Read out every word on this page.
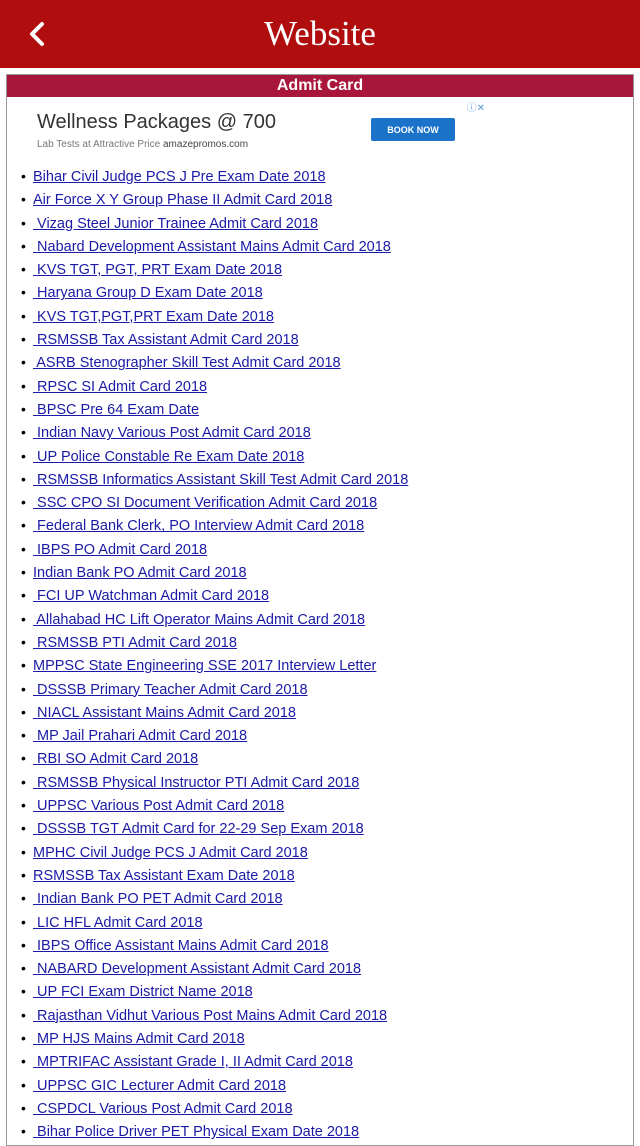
Website
Admit Card
Wellness Packages @ 700
Lab Tests at Attractive Price amazepromos.com
BOOK NOW
ⓘ✕
• Bihar Civil Judge PCS J Pre Exam Date 2018
• Air Force X Y Group Phase II Admit Card 2018
• Vizag Steel Junior Trainee Admit Card 2018
• Nabard Development Assistant Mains Admit Card 2018
• KVS TGT, PGT, PRT Exam Date 2018
• Haryana Group D Exam Date 2018
• KVS TGT,PGT,PRT Exam Date 2018
• RSMSSB Tax Assistant Admit Card 2018
• ASRB Stenographer Skill Test Admit Card 2018
• RPSC SI Admit Card 2018
• BPSC Pre 64 Exam Date
• Indian Navy Various Post Admit Card 2018
• UP Police Constable Re Exam Date 2018
• RSMSSB Informatics Assistant Skill Test Admit Card 2018
• SSC CPO SI Document Verification Admit Card 2018
• Federal Bank Clerk, PO Interview Admit Card 2018
• IBPS PO Admit Card 2018
• Indian Bank PO Admit Card 2018
• FCI UP Watchman Admit Card 2018
• Allahabad HC Lift Operator Mains Admit Card 2018
• RSMSSB PTI Admit Card 2018
• MPPSC State Engineering SSE 2017 Interview Letter
• DSSSB Primary Teacher Admit Card 2018
• NIACL Assistant Mains Admit Card 2018
• MP Jail Prahari Admit Card 2018
• RBI SO Admit Card 2018
• RSMSSB Physical Instructor PTI Admit Card 2018
• UPPSC Various Post Admit Card 2018
• DSSSB TGT Admit Card for 22-29 Sep Exam 2018
• MPHC Civil Judge PCS J Admit Card 2018
• RSMSSB Tax Assistant Exam Date 2018
• Indian Bank PO PET Admit Card 2018
• LIC HFL Admit Card 2018
• IBPS Office Assistant Mains Admit Card 2018
• NABARD Development Assistant Admit Card 2018
• UP FCI Exam District Name 2018
• Rajasthan Vidhut Various Post Mains Admit Card 2018
• MP HJS Mains Admit Card 2018
• MPTRIFAC Assistant Grade I, II Admit Card 2018
• UPPSC GIC Lecturer Admit Card 2018
• CSPDCL Various Post Admit Card 2018
• Bihar Police Driver PET Physical Exam Date 2018
